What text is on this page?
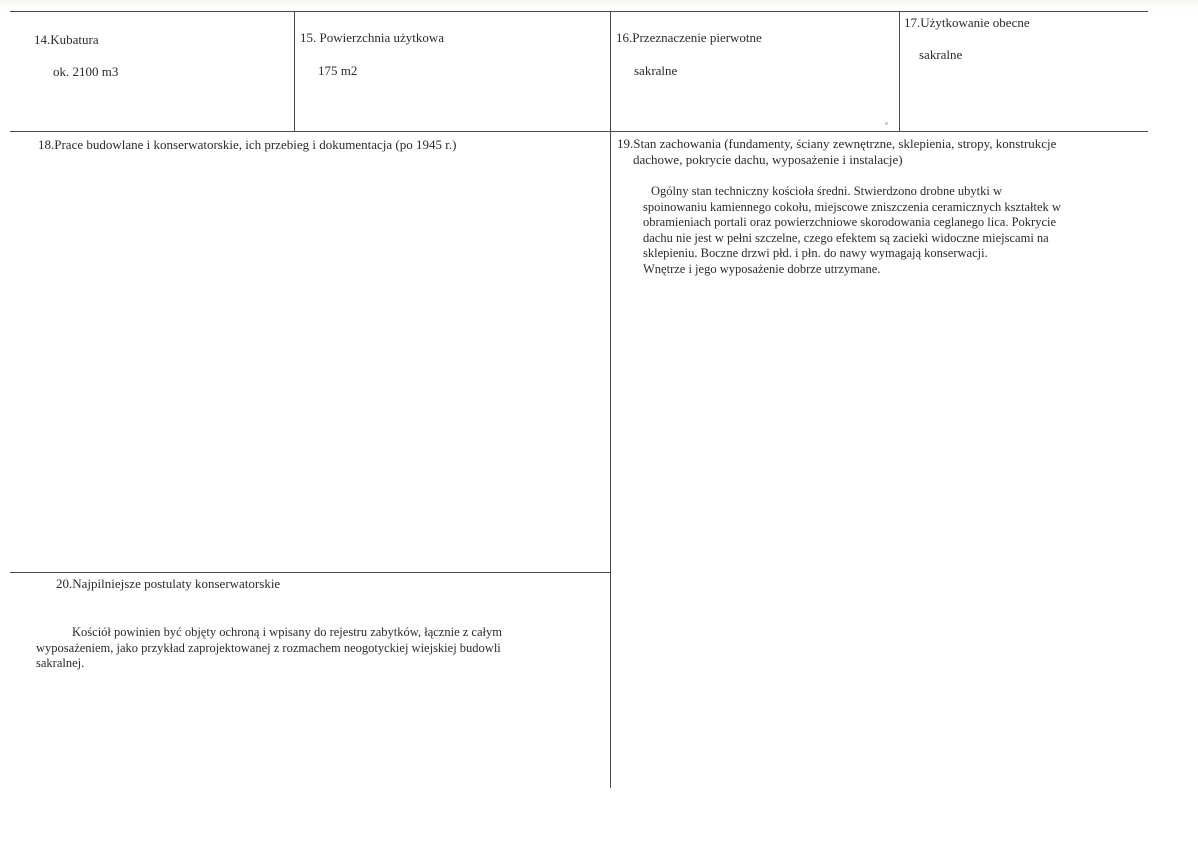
14.Kubatura
ok. 2100 m3
15. Powierzchnia użytkowa
175 m2
16.Przeznaczenie pierwotne
sakralne
17.Użytkowanie obecne
sakralne
18.Prace budowlane i konserwatorskie, ich przebieg i dokumentacja (po 1945 r.)	19.Stan zachowania (fundamenty, ściany zewnętrzne, sklepienia, stropy, konstrukcje
dachowe, pokrycie dachu, wyposażenie i instalacje)
Ogólny stan techniczny kościoła średni. Stwierdzono drobne ubytki w
spoinowaniu kamiennego cokołu, miejscowe zniszczenia ceramicznych kształtek w
obramieniach portali oraz powierzchniowe skorodowania ceglanego lica. Pokrycie
dachu nie jest w pełni szczelne, czego efektem są zacieki widoczne miejscami na
sklepieniu. Boczne drzwi płd. i płn. do nawy wymagają konserwacji.
Wnętrze i jego wyposażenie dobrze utrzymane.
20.Najpilniejsze postulaty konserwatorskie
Kościół powinien być objęty ochroną i wpisany do rejestru zabytków, łącznie z całym
wyposażeniem, jako przykład zaprojektowanej z rozmachem neogotyckiej wiejskiej budowli
sakralnej.
